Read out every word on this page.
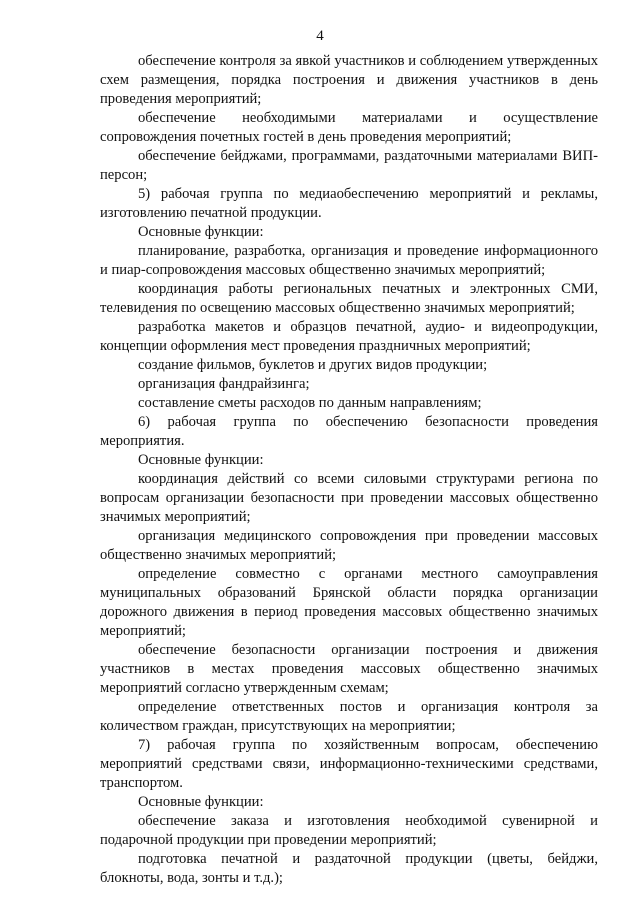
4

обеспечение контроля за явкой участников и соблюдением утвержденных схем размещения, порядка построения и движения участников в день проведения мероприятий;

обеспечение необходимыми материалами и осуществление сопровождения почетных гостей в день проведения мероприятий;

обеспечение бейджами, программами, раздаточными материалами ВИП-персон;

5) рабочая группа по медиаобеспечению мероприятий и рекламы, изготовлению печатной продукции.

Основные функции:

планирование, разработка, организация и проведение информационного и пиар-сопровождения массовых общественно значимых мероприятий;

координация работы региональных печатных и электронных СМИ, телевидения по освещению массовых общественно значимых мероприятий;

разработка макетов и образцов печатной, аудио- и видеопродукции, концепции оформления мест проведения праздничных мероприятий;

создание фильмов, буклетов и других видов продукции;

организация фандрайзинга;

составление сметы расходов по данным направлениям;

6) рабочая группа по обеспечению безопасности проведения мероприятия.

Основные функции:

координация действий со всеми силовыми структурами региона по вопросам организации безопасности при проведении массовых общественно значимых мероприятий;

организация медицинского сопровождения при проведении массовых общественно значимых мероприятий;

определение совместно с органами местного самоуправления муниципальных образований Брянской области порядка организации дорожного движения в период проведения массовых общественно значимых мероприятий;

обеспечение безопасности организации построения и движения участников в местах проведения массовых общественно значимых мероприятий согласно утвержденным схемам;

определение ответственных постов и организация контроля за количеством граждан, присутствующих на мероприятии;

7) рабочая группа по хозяйственным вопросам, обеспечению мероприятий средствами связи, информационно-техническими средствами, транспортом.

Основные функции:

обеспечение заказа и изготовления необходимой сувенирной и подарочной продукции при проведении мероприятий;

подготовка печатной и раздаточной продукции (цветы, бейджи, блокноты, вода, зонты и т.д.);
